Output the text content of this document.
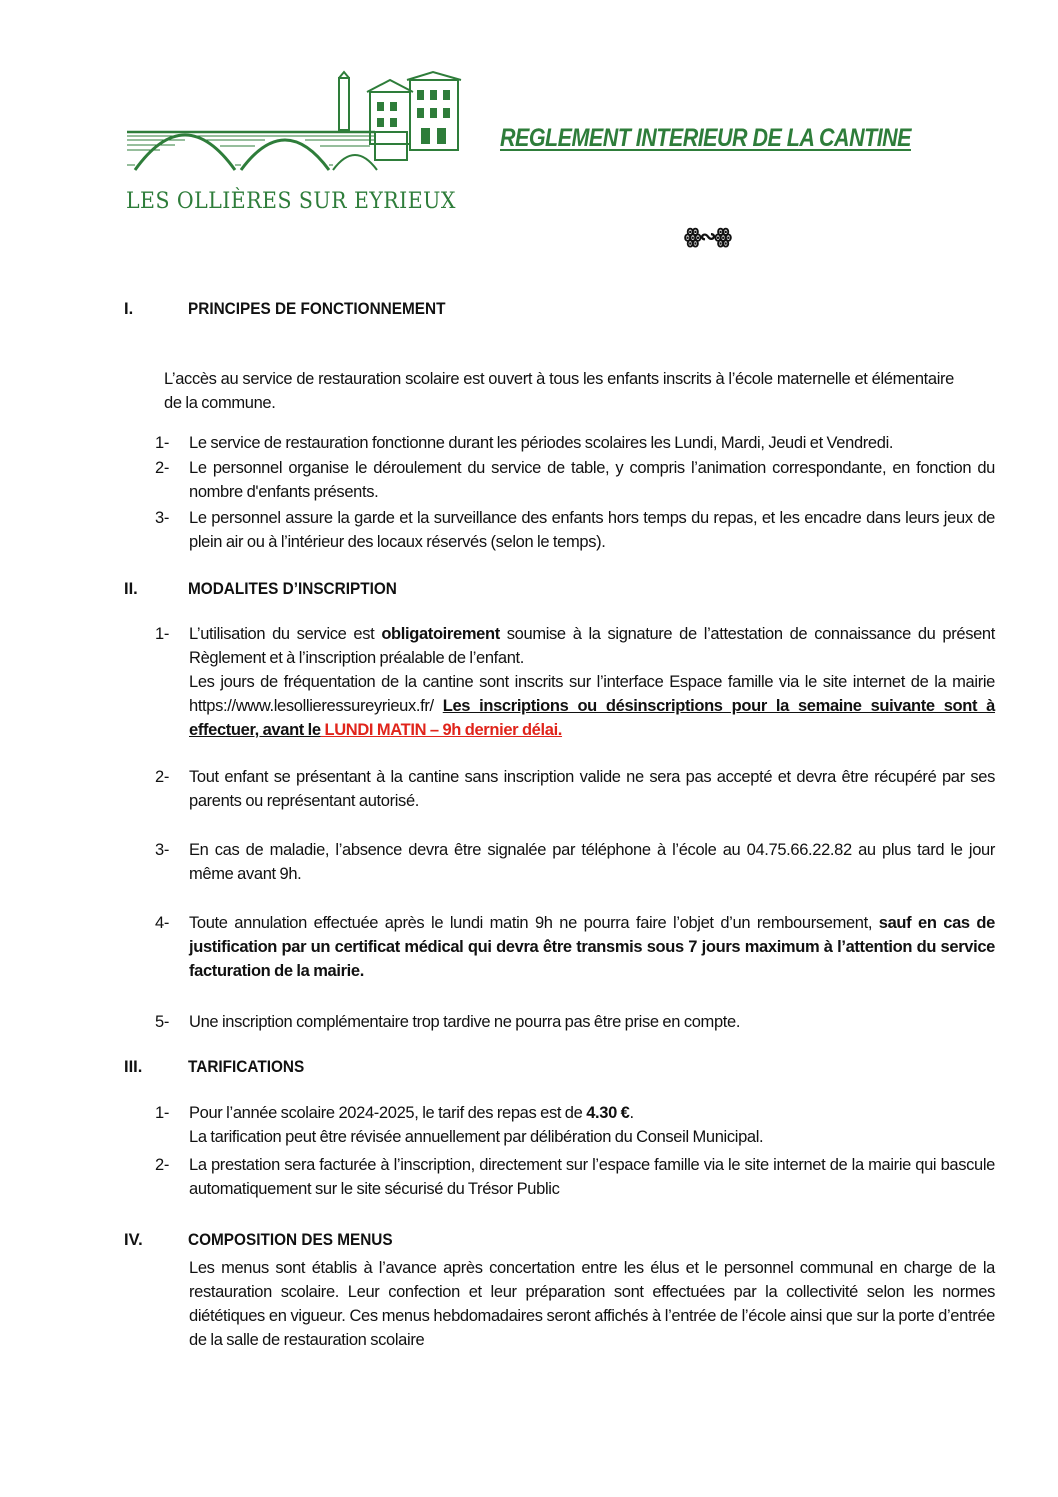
LES OLLIÈRES SUR EYRIEUX
REGLEMENT INTERIEUR DE LA CANTINE
ꙮ∾ꙮ
I.	PRINCIPES DE FONCTIONNEMENT
L’accès au service de restauration scolaire est ouvert à tous les enfants inscrits à l’école maternelle et élémentaire de la commune.
1- Le service de restauration fonctionne durant les périodes scolaires les Lundi, Mardi, Jeudi et Vendredi.
2- Le personnel organise le déroulement du service de table, y compris l’animation correspondante, en fonction du nombre d'enfants présents.
3- Le personnel assure la garde et la surveillance des enfants hors temps du repas, et les encadre dans leurs jeux de plein air ou à l’intérieur des locaux réservés (selon le temps).
II.	MODALITES D’INSCRIPTION
1- L’utilisation du service est obligatoirement soumise à la signature de l’attestation de connaissance du présent Règlement et à l’inscription préalable de l’enfant.
Les jours de fréquentation de la cantine sont inscrits sur l’interface Espace famille via le site internet de la mairie https://www.lesollieressureyrieux.fr/ Les inscriptions ou désinscriptions pour la semaine suivante sont à effectuer, avant le LUNDI MATIN – 9h dernier délai.
2- Tout enfant se présentant à la cantine sans inscription valide ne sera pas accepté et devra être récupéré par ses parents ou représentant autorisé.
3- En cas de maladie, l’absence devra être signalée par téléphone à l’école au 04.75.66.22.82 au plus tard le jour même avant 9h.
4- Toute annulation effectuée après le lundi matin 9h ne pourra faire l’objet d’un remboursement, sauf en cas de justification par un certificat médical qui devra être transmis sous 7 jours maximum à l’attention du service facturation de la mairie.
5- Une inscription complémentaire trop tardive ne pourra pas être prise en compte.
III.	TARIFICATIONS
1- Pour l’année scolaire 2024-2025, le tarif des repas est de 4.30 €.
La tarification peut être révisée annuellement par délibération du Conseil Municipal.
2- La prestation sera facturée à l’inscription, directement sur l’espace famille via le site internet de la mairie qui bascule automatiquement sur le site sécurisé du Trésor Public
IV.	COMPOSITION DES MENUS
Les menus sont établis à l’avance après concertation entre les élus et le personnel communal en charge de la restauration scolaire. Leur confection et leur préparation sont effectuées par la collectivité selon les normes diététiques en vigueur. Ces menus hebdomadaires seront affichés à l’entrée de l’école ainsi que sur la porte d’entrée de la salle de restauration scolaire
